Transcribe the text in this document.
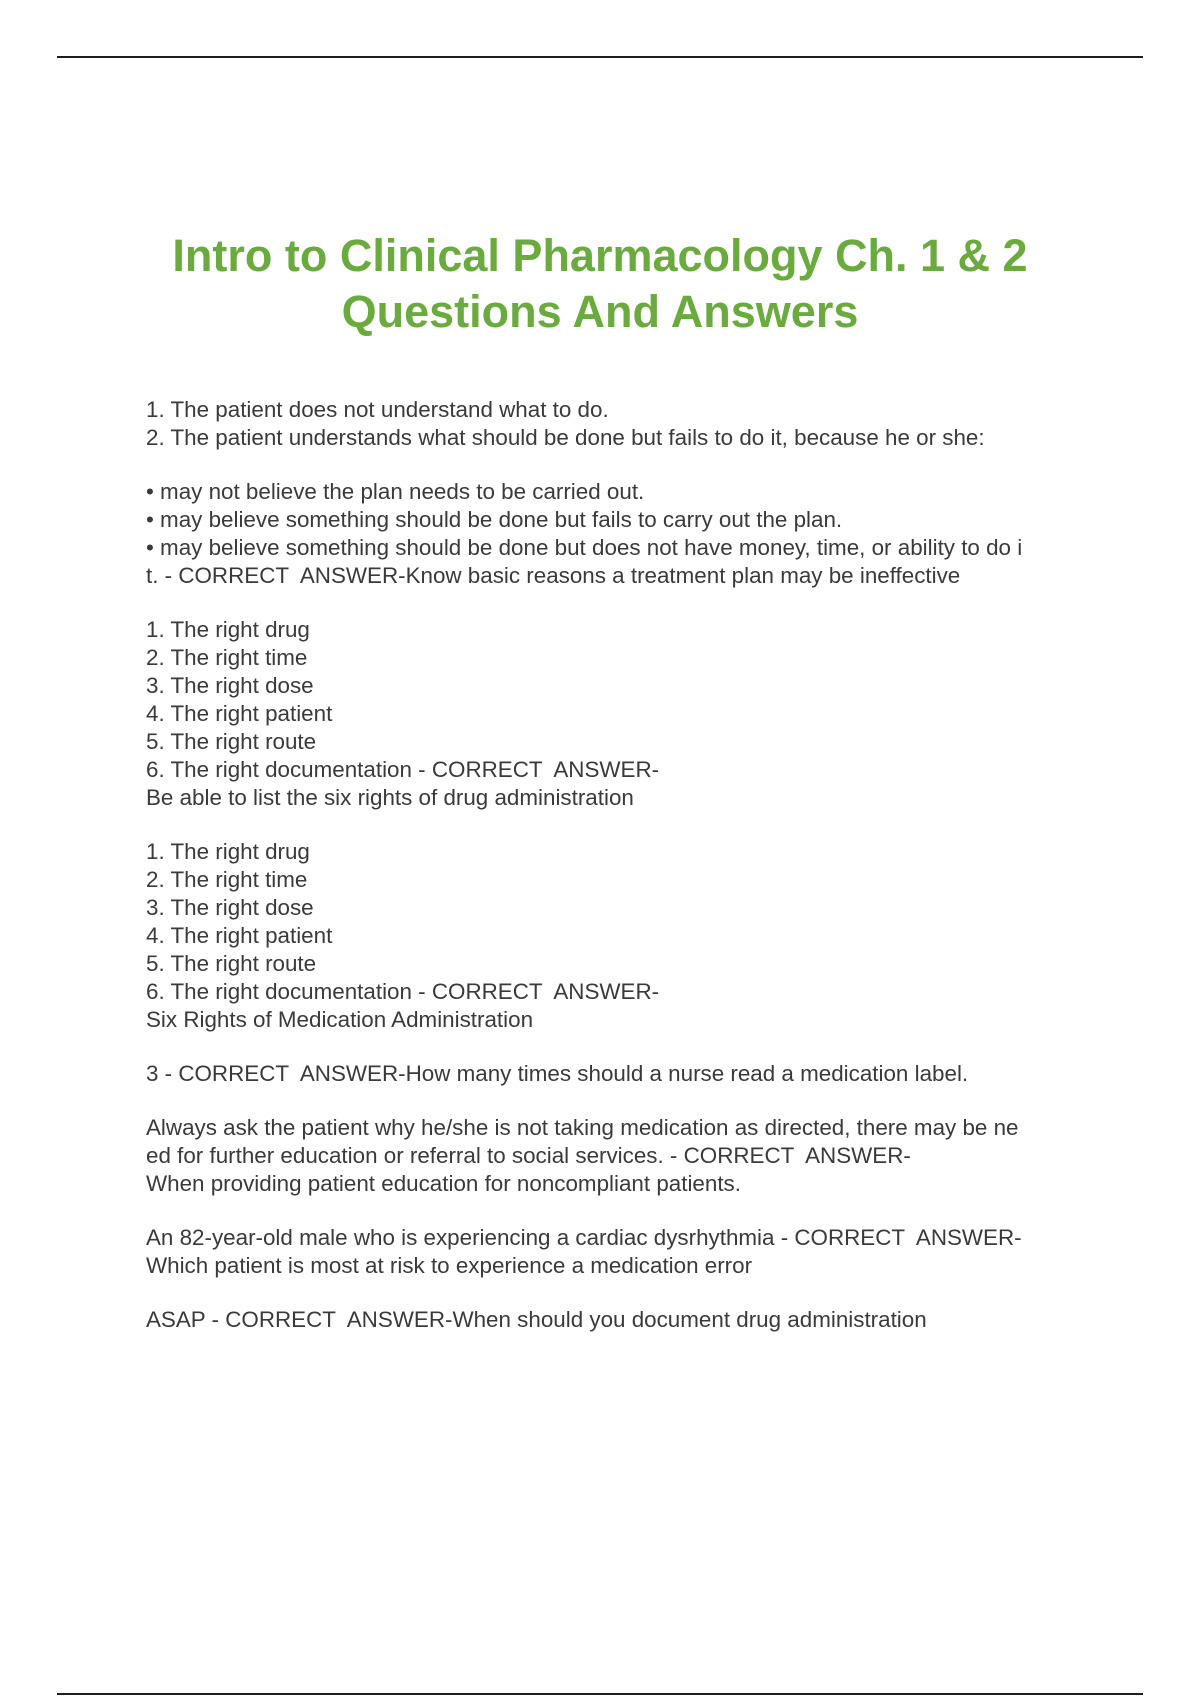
Intro to Clinical Pharmacology Ch. 1 & 2
Questions And Answers
1. The patient does not understand what to do.
2. The patient understands what should be done but fails to do it, because he or she:
• may not believe the plan needs to be carried out.
• may believe something should be done but fails to carry out the plan.
• may believe something should be done but does not have money, time, or ability to do i
t. - CORRECT  ANSWER-Know basic reasons a treatment plan may be ineffective
1. The right drug
2. The right time
3. The right dose
4. The right patient
5. The right route
6. The right documentation - CORRECT  ANSWER-
Be able to list the six rights of drug administration
1. The right drug
2. The right time
3. The right dose
4. The right patient
5. The right route
6. The right documentation - CORRECT  ANSWER-
Six Rights of Medication Administration
3 - CORRECT  ANSWER-How many times should a nurse read a medication label.
Always ask the patient why he/she is not taking medication as directed, there may be ne
ed for further education or referral to social services. - CORRECT  ANSWER-
When providing patient education for noncompliant patients.
An 82-year-old male who is experiencing a cardiac dysrhythmia - CORRECT  ANSWER-
Which patient is most at risk to experience a medication error
ASAP - CORRECT  ANSWER-When should you document drug administration
